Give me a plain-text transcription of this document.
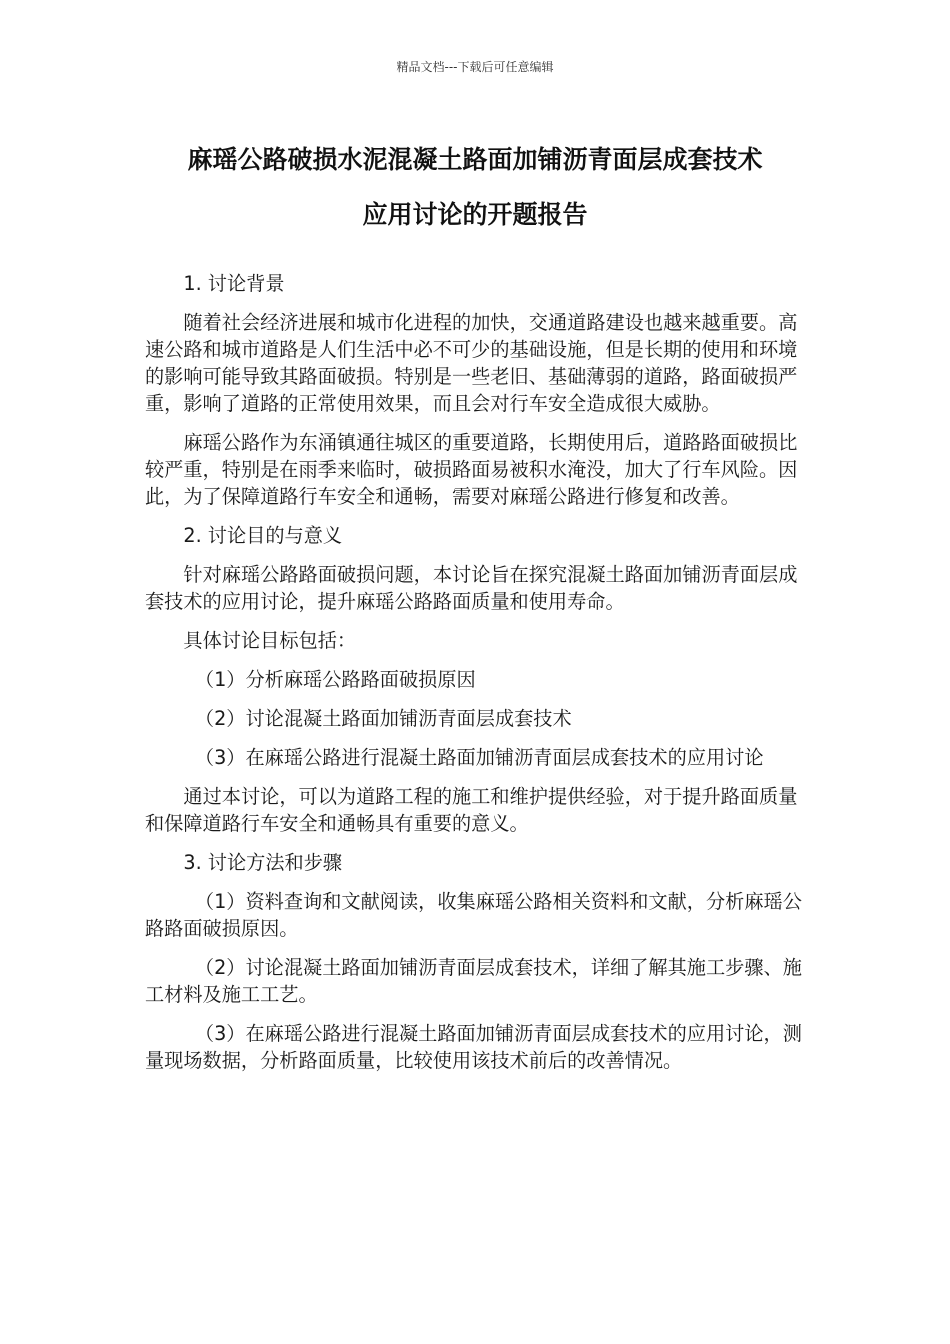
精品文档---下载后可任意编辑
麻瑶公路破损水泥混凝土路面加铺沥青面层成套技术
应用讨论的开题报告

1. 讨论背景

随着社会经济进展和城市化进程的加快，交通道路建设也越来越重要。高速公路和城市道路是人们生活中必不可少的基础设施，但是长期的使用和环境的影响可能导致其路面破损。特别是一些老旧、基础薄弱的道路，路面破损严重，影响了道路的正常使用效果，而且会对行车安全造成很大威胁。

麻瑶公路作为东涌镇通往城区的重要道路，长期使用后，道路路面破损比较严重，特别是在雨季来临时，破损路面易被积水淹没，加大了行车风险。因此，为了保障道路行车安全和通畅，需要对麻瑶公路进行修复和改善。

2. 讨论目的与意义

针对麻瑶公路路面破损问题，本讨论旨在探究混凝土路面加铺沥青面层成套技术的应用讨论，提升麻瑶公路路面质量和使用寿命。

具体讨论目标包括：

（1）分析麻瑶公路路面破损原因

（2）讨论混凝土路面加铺沥青面层成套技术

（3）在麻瑶公路进行混凝土路面加铺沥青面层成套技术的应用讨论

通过本讨论，可以为道路工程的施工和维护提供经验，对于提升路面质量和保障道路行车安全和通畅具有重要的意义。

3. 讨论方法和步骤

（1）资料查询和文献阅读，收集麻瑶公路相关资料和文献，分析麻瑶公路路面破损原因。

（2）讨论混凝土路面加铺沥青面层成套技术，详细了解其施工步骤、施工材料及施工工艺。

（3）在麻瑶公路进行混凝土路面加铺沥青面层成套技术的应用讨论，测量现场数据，分析路面质量，比较使用该技术前后的改善情况。
